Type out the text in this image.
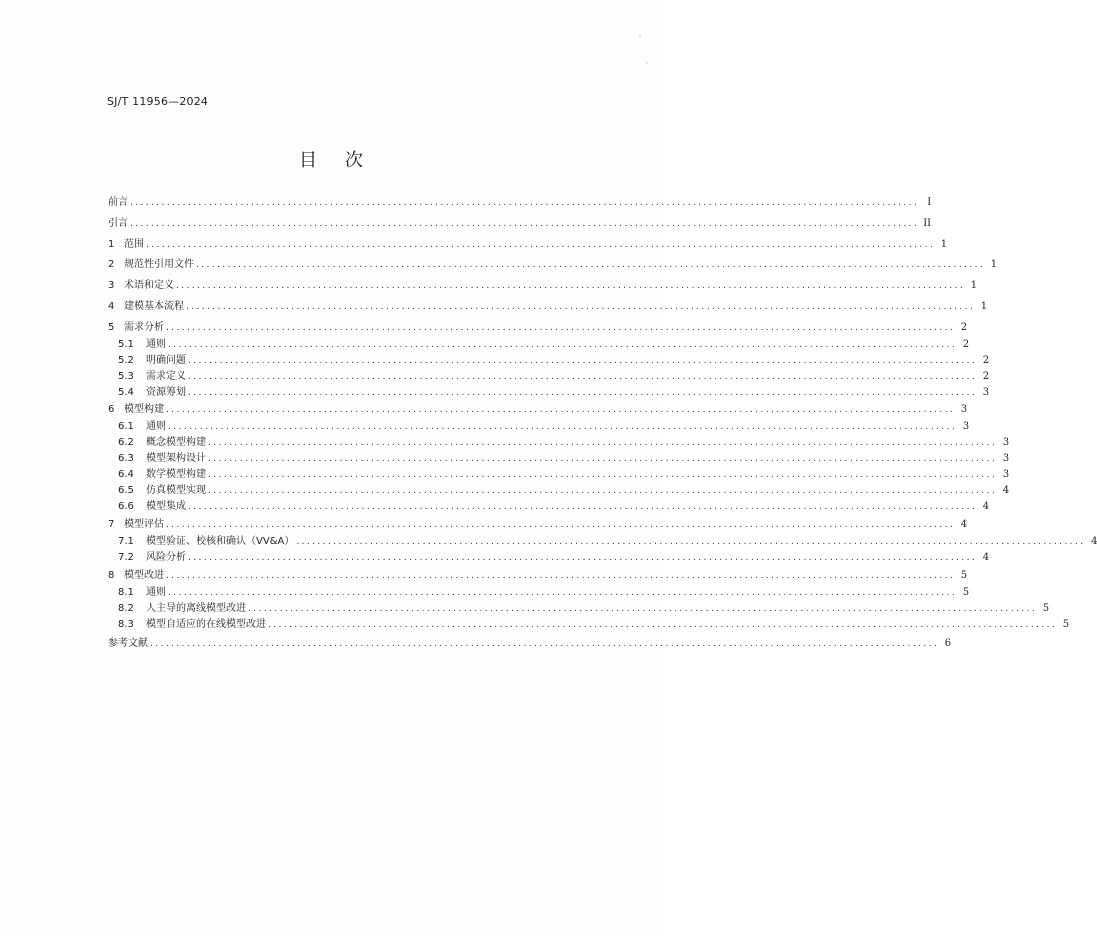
SJ/T 11956—2024
目次
前言 ...................................................................................................................................................... I
引言 ...................................................................................................................................................... II
1 范围 ...................................................................................................................................................... 1
2 规范性引用文件 ...................................................................................................................................................... 1
3 术语和定义 ...................................................................................................................................................... 1
4 建模基本流程 ...................................................................................................................................................... 1
5 需求分析 ...................................................................................................................................................... 2
5.1	通则 ...................................................................................................................................................... 2
5.2	明确问题 ...................................................................................................................................................... 2
5.3	需求定义 ...................................................................................................................................................... 2
5.4	资源筹划 ...................................................................................................................................................... 3
6 模型构建 ...................................................................................................................................................... 3
6.1	通则 ...................................................................................................................................................... 3
6.2	概念模型构建 ...................................................................................................................................................... 3
6.3	模型架构设计 ...................................................................................................................................................... 3
6.4	数学模型构建 ...................................................................................................................................................... 3
6.5	仿真模型实现 ...................................................................................................................................................... 4
6.6	模型集成 ...................................................................................................................................................... 4
7 模型评估 ...................................................................................................................................................... 4
7.1	模型验证、校核和确认（VV&A） ...................................................................................................................................................... 4
7.2	风险分析 ...................................................................................................................................................... 4
8 模型改进 ...................................................................................................................................................... 5
8.1	通则 ...................................................................................................................................................... 5
8.2	人主导的离线模型改进 ...................................................................................................................................................... 5
8.3	模型自适应的在线模型改进 ...................................................................................................................................................... 5
参考文献 ...................................................................................................................................................... 6
